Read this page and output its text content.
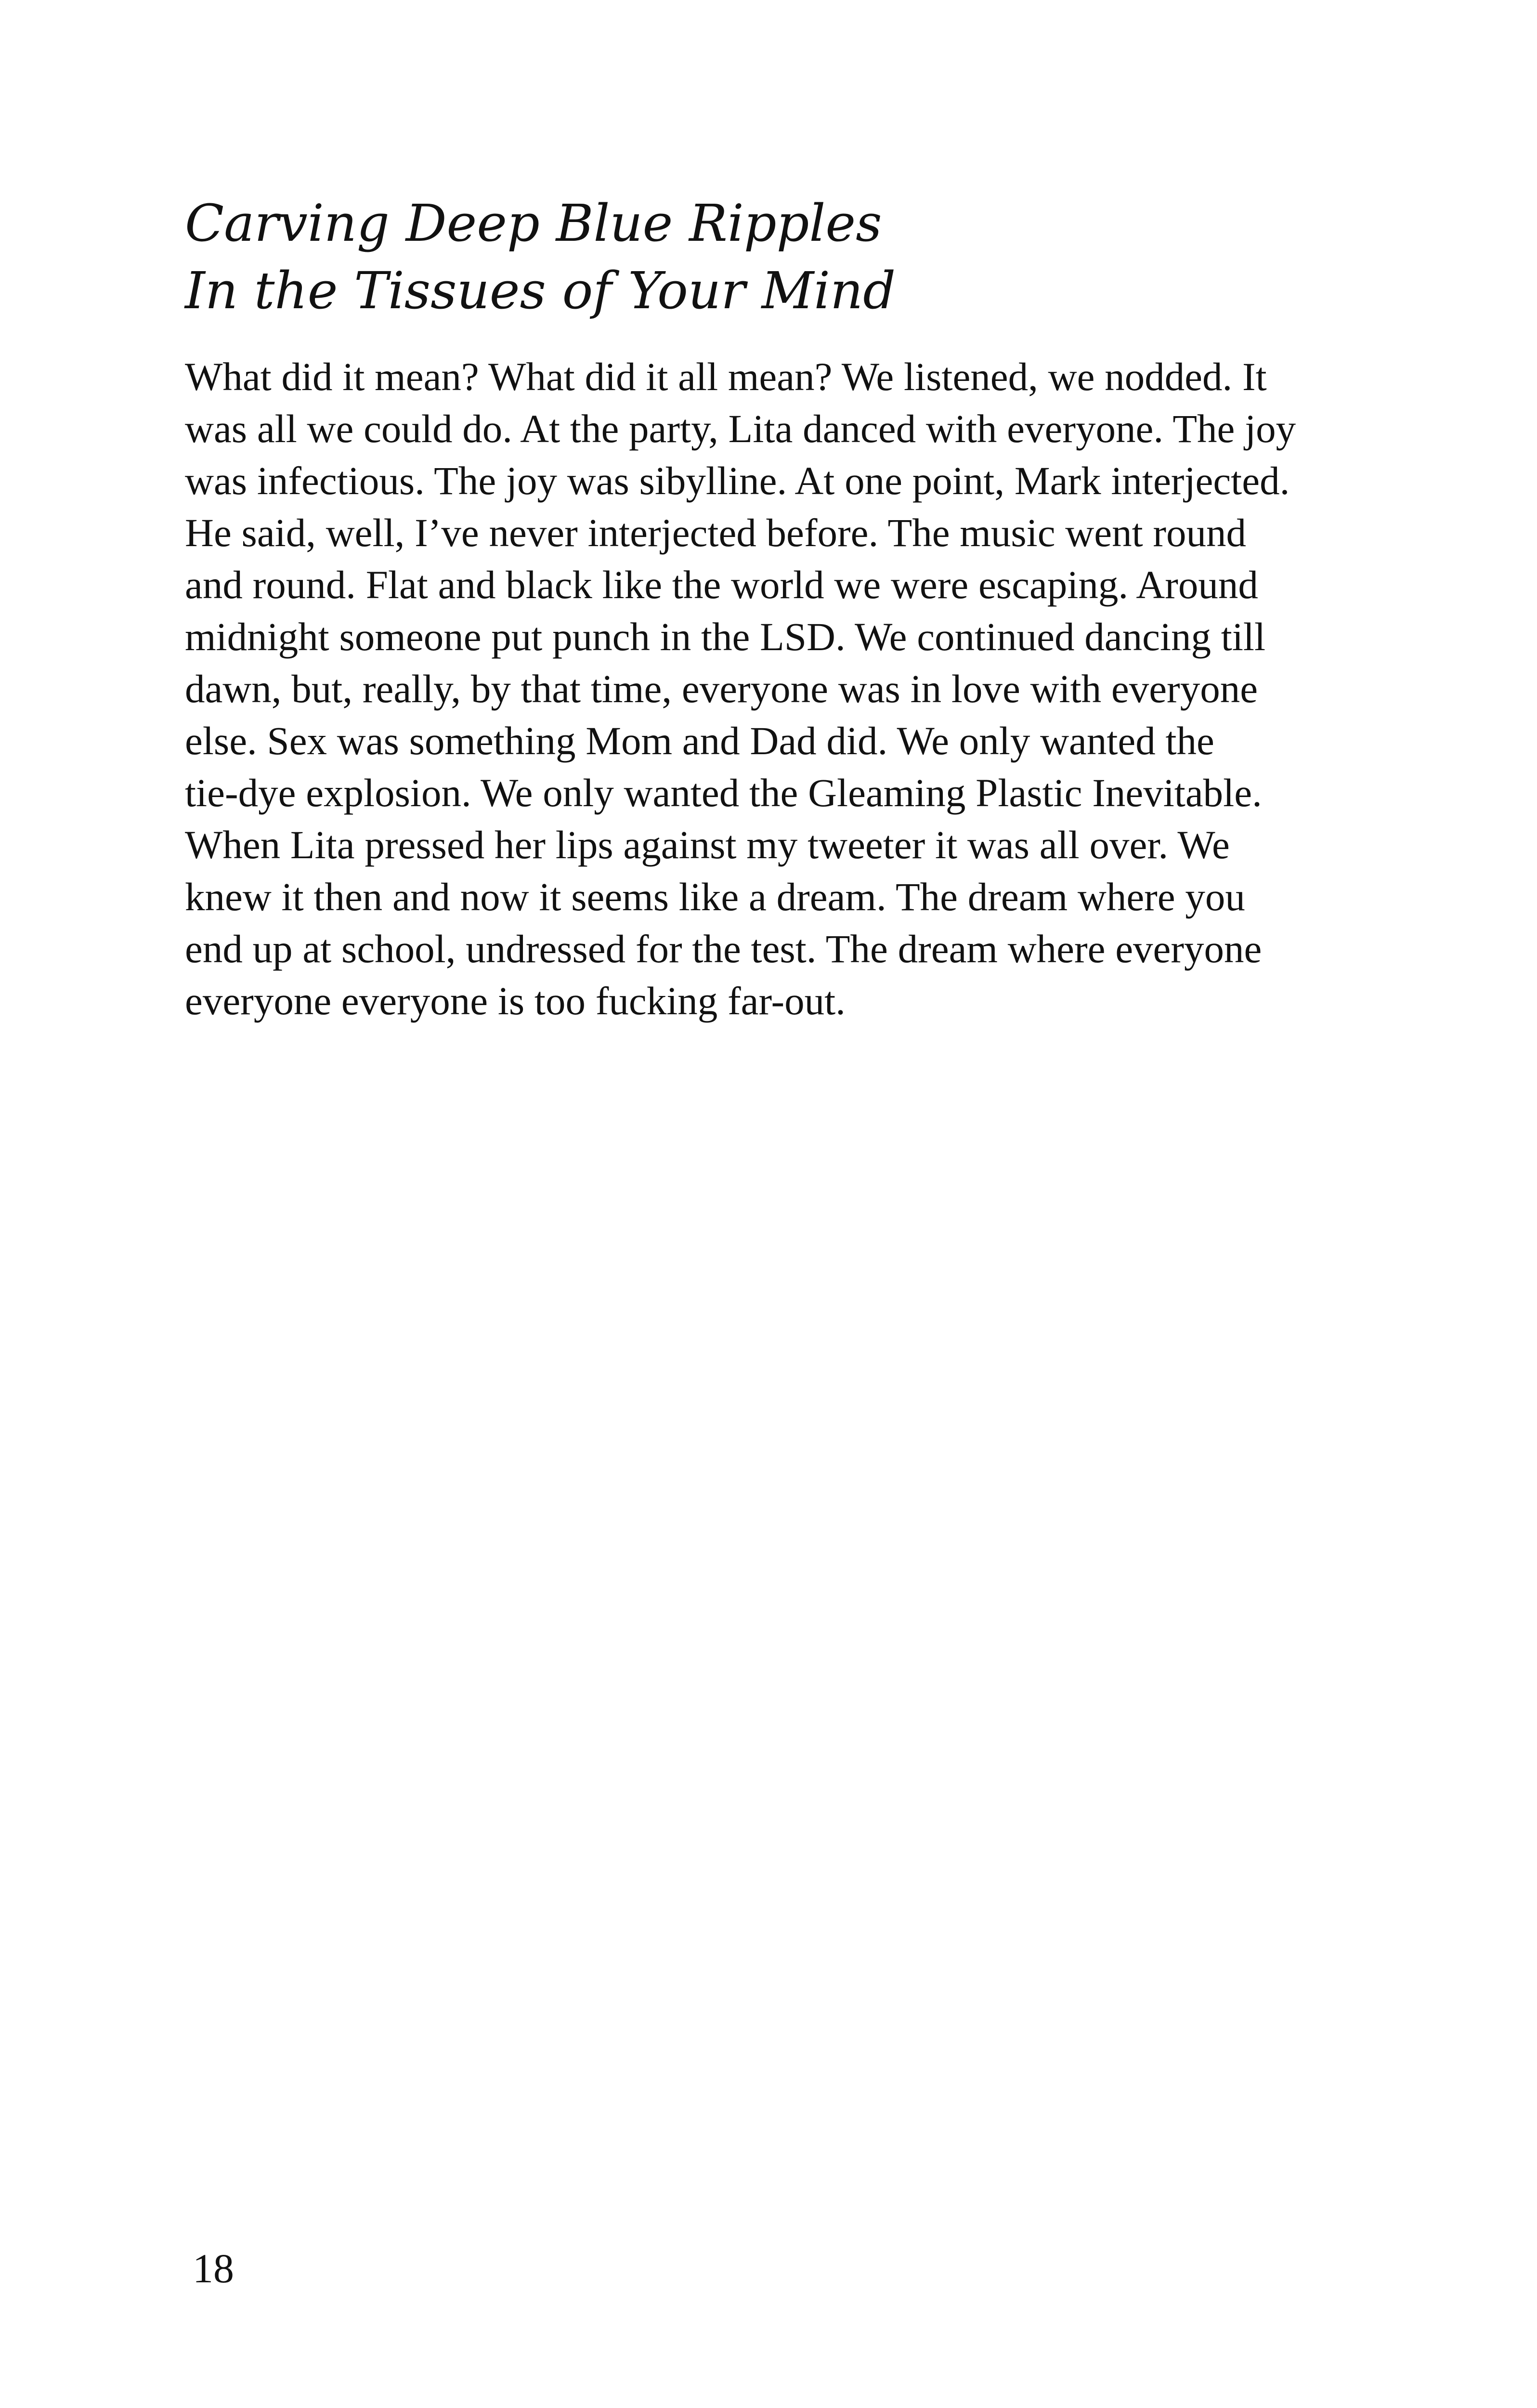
Carving Deep Blue Ripples
In the Tissues of Your Mind

What did it mean? What did it all mean? We listened, we nodded. It
was all we could do. At the party, Lita danced with everyone. The joy
was infectious. The joy was sibylline. At one point, Mark interjected.
He said, well, I’ve never interjected before. The music went round
and round. Flat and black like the world we were escaping. Around
midnight someone put punch in the LSD. We continued dancing till
dawn, but, really, by that time, everyone was in love with everyone
else. Sex was something Mom and Dad did. We only wanted the
tie-dye explosion. We only wanted the Gleaming Plastic Inevitable.
When Lita pressed her lips against my tweeter it was all over. We
knew it then and now it seems like a dream. The dream where you
end up at school, undressed for the test. The dream where everyone
everyone everyone is too fucking far-out.

18
